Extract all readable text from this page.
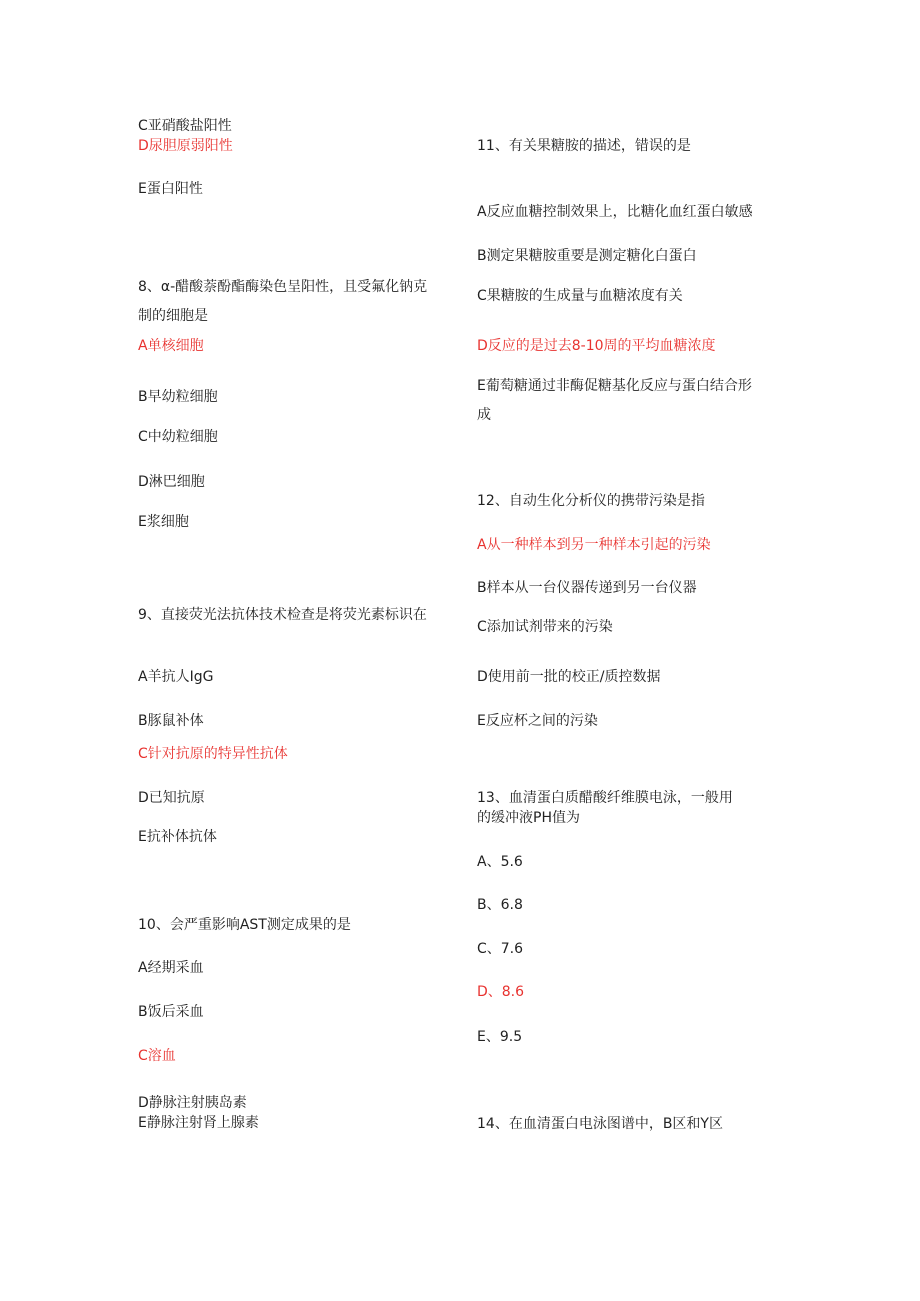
C亚硝酸盐阳性
D尿胆原弱阳性
E蛋白阳性
8、α-醋酸萘酚酯酶染色呈阳性，且受氟化钠克
制的细胞是
A单核细胞
B早幼粒细胞
C中幼粒细胞
D淋巴细胞
E浆细胞
9、直接荧光法抗体技术检查是将荧光素标识在
A羊抗人IgG
B豚鼠补体
C针对抗原的特异性抗体
D已知抗原
E抗补体抗体
10、会严重影响AST测定成果的是
A经期采血
B饭后采血
C溶血
D静脉注射胰岛素
E静脉注射肾上腺素
11、有关果糖胺的描述，错误的是
A反应血糖控制效果上，比糖化血红蛋白敏感
B测定果糖胺重要是测定糖化白蛋白
C果糖胺的生成量与血糖浓度有关
D反应的是过去8-10周的平均血糖浓度
E葡萄糖通过非酶促糖基化反应与蛋白结合形
成
12、自动生化分析仪的携带污染是指
A从一种样本到另一种样本引起的污染
B样本从一台仪器传递到另一台仪器
C添加试剂带来的污染
D使用前一批的校正/质控数据
E反应杯之间的污染
13、血清蛋白质醋酸纤维膜电泳，一般用
的缓冲液PH值为
A、5.6
B、6.8
C、7.6
D、8.6
E、9.5
14、在血清蛋白电泳图谱中，B区和Y区
